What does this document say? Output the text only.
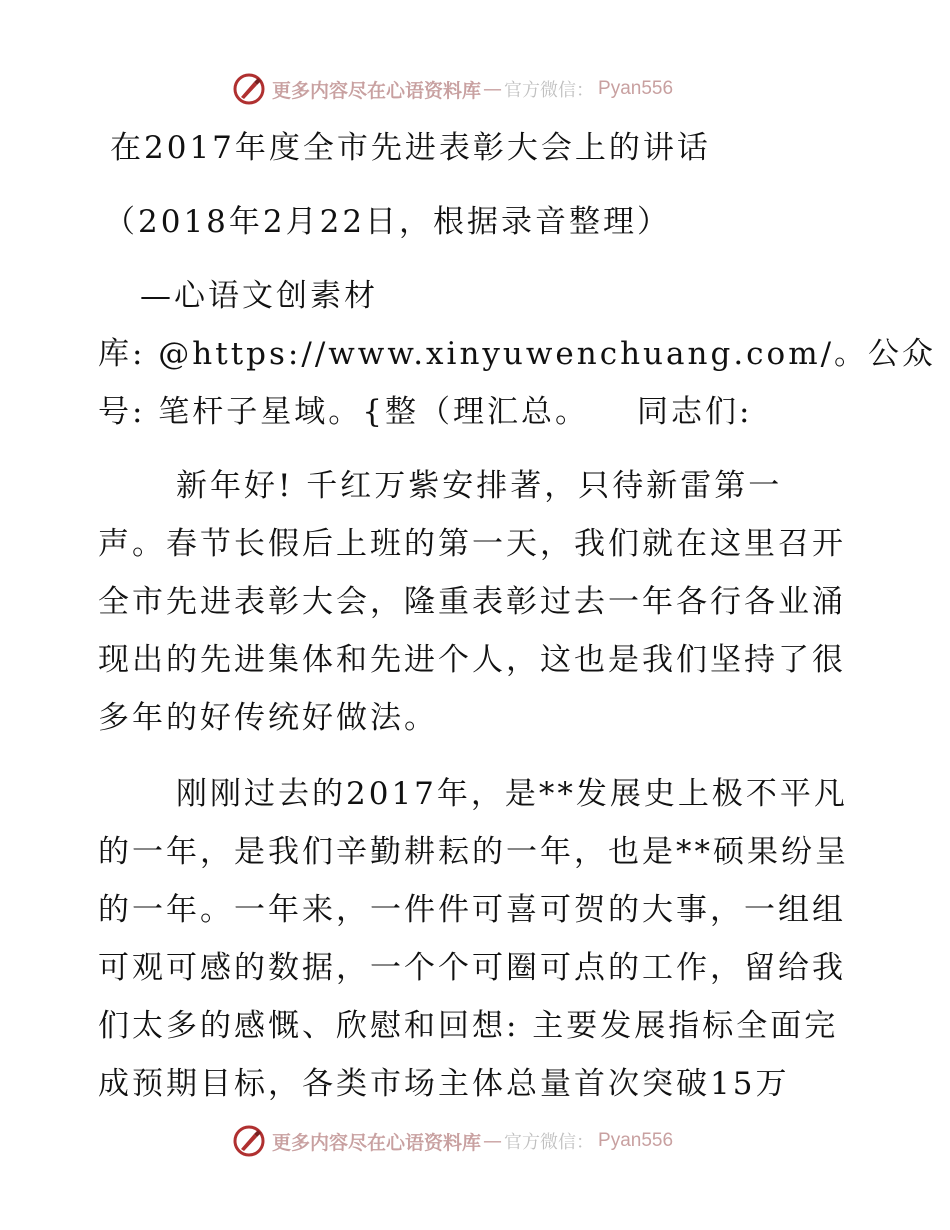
更多内容尽在心语资料库 — 官方微信： Pyan556
在2017年度全市先进表彰大会上的讲话
（2018年2月22日，根据录音整理）
—心语文创素材
库: @https://www.xinyuwenchuang.com/。公众
号: 笔杆子星域。{整（理汇总。 同志们:
新年好! 千红万紫安排著，只待新雷第一
声。春节长假后上班的第一天，我们就在这里召开
全市先进表彰大会，隆重表彰过去一年各行各业涌
现出的先进集体和先进个人，这也是我们坚持了很
多年的好传统好做法。
刚刚过去的2017年，是**发展史上极不平凡
的一年，是我们辛勤耕耘的一年，也是**硕果纷呈
的一年。一年来，一件件可喜可贺的大事，一组组
可观可感的数据，一个个可圈可点的工作，留给我
们太多的感慨、欣慰和回想: 主要发展指标全面完
成预期目标，各类市场主体总量首次突破15万
更多内容尽在心语资料库 — 官方微信： Pyan556
